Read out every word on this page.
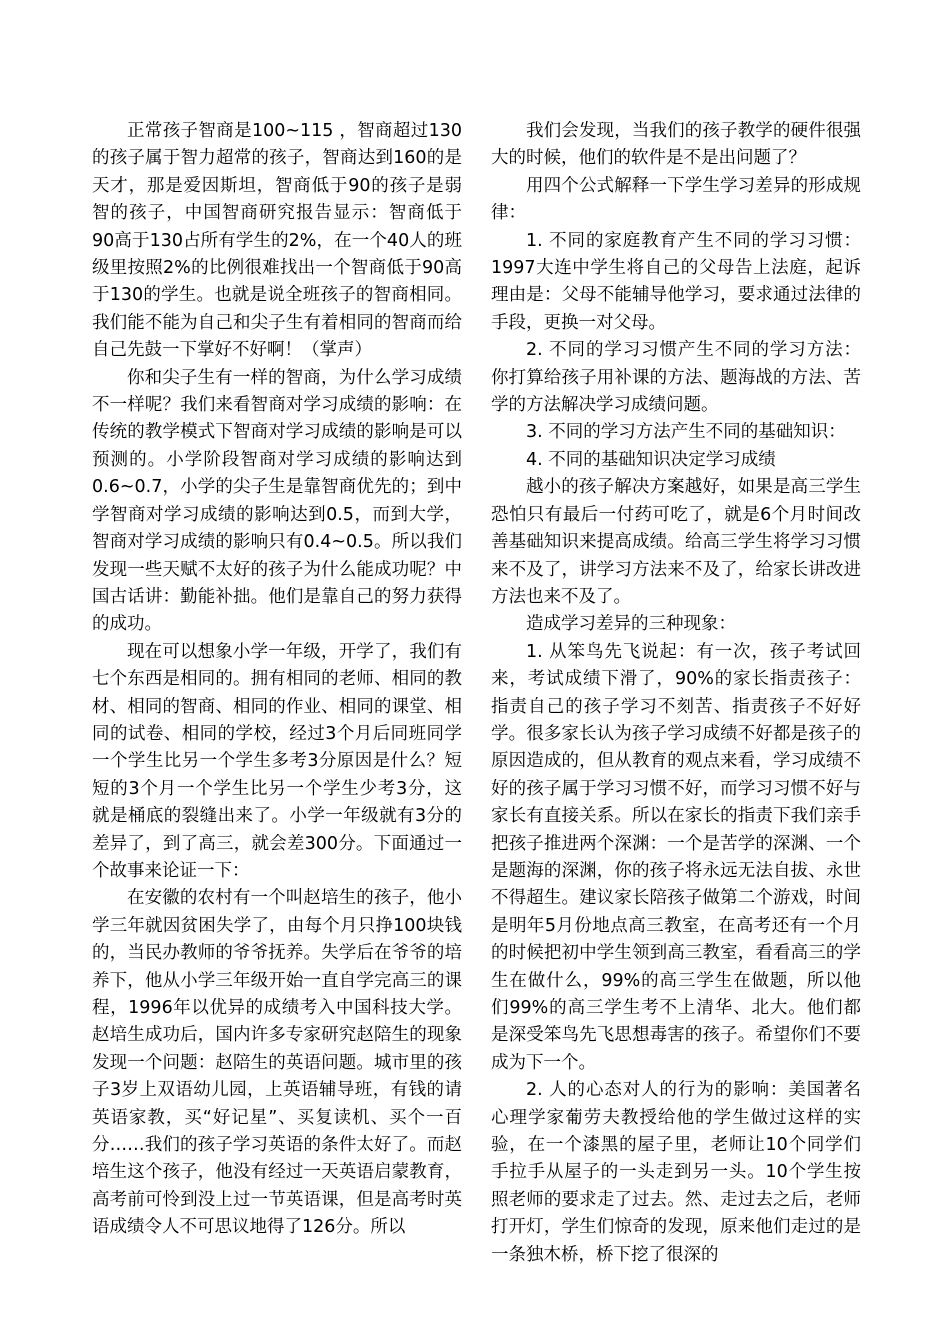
正常孩子智商是100~115 ，智商超过130的孩子属于智力超常的孩子，智商达到160的是天才，那是爱因斯坦，智商低于90的孩子是弱智的孩子，中国智商研究报告显示：智商低于90高于130占所有学生的2%，在一个40人的班级里按照2%的比例很难找出一个智商低于90高于130的学生。也就是说全班孩子的智商相同。我们能不能为自己和尖子生有着相同的智商而给自己先鼓一下掌好不好啊！（掌声）

你和尖子生有一样的智商，为什么学习成绩不一样呢？我们来看智商对学习成绩的影响：在传统的教学模式下智商对学习成绩的影响是可以预测的。小学阶段智商对学习成绩的影响达到0.6~0.7，小学的尖子生是靠智商优先的；到中学智商对学习成绩的影响达到0.5，而到大学，智商对学习成绩的影响只有0.4~0.5。所以我们发现一些天赋不太好的孩子为什么能成功呢？中国古话讲：勤能补拙。他们是靠自己的努力获得的成功。

现在可以想象小学一年级，开学了，我们有七个东西是相同的。拥有相同的老师、相同的教材、相同的智商、相同的作业、相同的课堂、相同的试卷、相同的学校，经过3个月后同班同学一个学生比另一个学生多考3分原因是什么？短短的3个月一个学生比另一个学生少考3分，这就是桶底的裂缝出来了。小学一年级就有3分的差异了，到了高三，就会差300分。下面通过一个故事来论证一下：

在安徽的农村有一个叫赵培生的孩子，他小学三年就因贫困失学了，由每个月只挣100块钱的，当民办教师的爷爷抚养。失学后在爷爷的培养下，他从小学三年级开始一直自学完高三的课程，1996年以优异的成绩考入中国科技大学。赵培生成功后，国内许多专家研究赵陪生的现象发现一个问题：赵陪生的英语问题。城市里的孩子3岁上双语幼儿园，上英语辅导班，有钱的请英语家教，买“好记星”、买复读机、买个一百分……我们的孩子学习英语的条件太好了。而赵培生这个孩子，他没有经过一天英语启蒙教育，高考前可怜到没上过一节英语课，但是高考时英语成绩令人不可思议地得了126分。所以

我们会发现，当我们的孩子教学的硬件很强大的时候，他们的软件是不是出问题了？

用四个公式解释一下学生学习差异的形成规律：

1. 不同的家庭教育产生不同的学习习惯：1997大连中学生将自己的父母告上法庭，起诉理由是：父母不能辅导他学习，要求通过法律的手段，更换一对父母。

2. 不同的学习习惯产生不同的学习方法：你打算给孩子用补课的方法、题海战的方法、苦学的方法解决学习成绩问题。

3. 不同的学习方法产生不同的基础知识：

4. 不同的基础知识决定学习成绩

越小的孩子解决方案越好，如果是高三学生恐怕只有最后一付药可吃了，就是6个月时间改善基础知识来提高成绩。给高三学生将学习习惯来不及了，讲学习方法来不及了，给家长讲改进方法也来不及了。

造成学习差异的三种现象：

1. 从笨鸟先飞说起：有一次，孩子考试回来，考试成绩下滑了，90%的家长指责孩子：指责自己的孩子学习不刻苦、指责孩子不好好学。很多家长认为孩子学习成绩不好都是孩子的原因造成的，但从教育的观点来看，学习成绩不好的孩子属于学习习惯不好，而学习习惯不好与家长有直接关系。所以在家长的指责下我们亲手把孩子推进两个深渊：一个是苦学的深渊、一个是题海的深渊，你的孩子将永远无法自拔、永世不得超生。建议家长陪孩子做第二个游戏，时间是明年5月份地点高三教室，在高考还有一个月的时候把初中学生领到高三教室，看看高三的学生在做什么，99%的高三学生在做题，所以他们99%的高三学生考不上清华、北大。他们都是深受笨鸟先飞思想毒害的孩子。希望你们不要成为下一个。

2. 人的心态对人的行为的影响：美国著名心理学家葡劳夫教授给他的学生做过这样的实验，在一个漆黑的屋子里，老师让10个同学们手拉手从屋子的一头走到另一头。10个学生按照老师的要求走了过去。然、走过去之后，老师打开灯，学生们惊奇的发现，原来他们走过的是一条独木桥，桥下挖了很深的
